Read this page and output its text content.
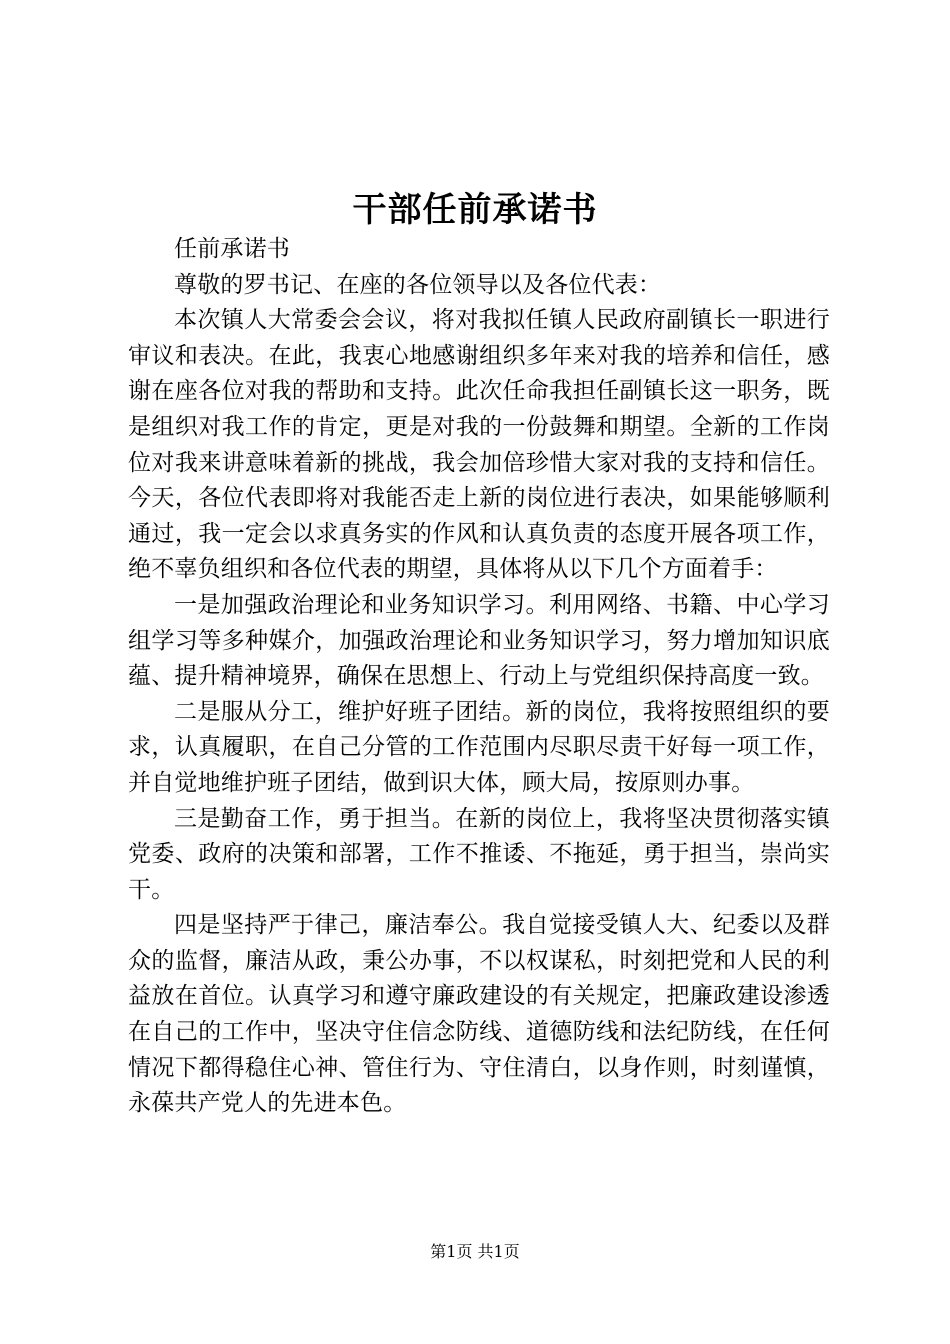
干部任前承诺书

任前承诺书

尊敬的罗书记、在座的各位领导以及各位代表：

本次镇人大常委会会议，将对我拟任镇人民政府副镇长一职进行审议和表决。在此，我衷心地感谢组织多年来对我的培养和信任，感谢在座各位对我的帮助和支持。此次任命我担任副镇长这一职务，既是组织对我工作的肯定，更是对我的一份鼓舞和期望。全新的工作岗位对我来讲意味着新的挑战，我会加倍珍惜大家对我的支持和信任。今天，各位代表即将对我能否走上新的岗位进行表决，如果能够顺利通过，我一定会以求真务实的作风和认真负责的态度开展各项工作，绝不辜负组织和各位代表的期望，具体将从以下几个方面着手：

一是加强政治理论和业务知识学习。利用网络、书籍、中心学习组学习等多种媒介，加强政治理论和业务知识学习，努力增加知识底蕴、提升精神境界，确保在思想上、行动上与党组织保持高度一致。

二是服从分工，维护好班子团结。新的岗位，我将按照组织的要求，认真履职，在自己分管的工作范围内尽职尽责干好每一项工作，并自觉地维护班子团结，做到识大体，顾大局，按原则办事。

三是勤奋工作，勇于担当。在新的岗位上，我将坚决贯彻落实镇党委、政府的决策和部署，工作不推诿、不拖延，勇于担当，崇尚实干。

四是坚持严于律己，廉洁奉公。我自觉接受镇人大、纪委以及群众的监督，廉洁从政，秉公办事，不以权谋私，时刻把党和人民的利益放在首位。认真学习和遵守廉政建设的有关规定，把廉政建设渗透在自己的工作中，坚决守住信念防线、道德防线和法纪防线，在任何情况下都得稳住心神、管住行为、守住清白，以身作则，时刻谨慎，永葆共产党人的先进本色。

第1页 共1页
